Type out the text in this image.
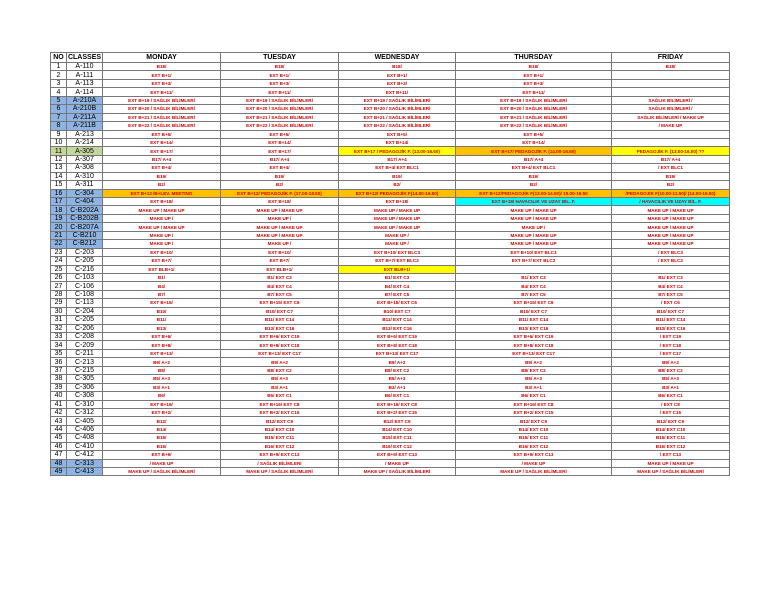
NO	CLASSES	MONDAY	TUESDAY	WEDNESDAY	THURSDAY	FRIDAY
1	A-110	B18/	B18/	B18/	B18/	B18/
2	A-111	EXT B+1/	EXT B+1/	EXT B+1/	EXT B+1/	
3	A-113	EXT B+3/	EXT B+3/	EXT B+3/	EXT B+3/	
4	A-114	EXT B+11/	EXT B+11/	EXT B+11/	EXT B+11/	
5	A-210A	EXT B+19 / SAĞLIK BİLİMLERİ	EXT B+19 / SAĞLIK BİLİMLERİ	EXT B+19 / SAĞLIK BİLİMLERİ	EXT B+19 / SAĞLIK BİLİMLERİ	SAĞLIK BİLİMLERİ /
6	A-210B	EXT B+20 / SAĞLIK BİLİMLERİ	EXT B+20 / SAĞLIK BİLİMLERİ	EXT B+20 / SAĞLIK BİLİMLERİ	EXT B+20 / SAĞLIK BİLİMLERİ	SAĞLIK BİLİMLERİ /
7	A-211A	EXT B+21 / SAĞLIK BİLİMLERİ	EXT B+21 / SAĞLIK BİLİMLERİ	EXT B+21 / SAĞLIK BİLİMLERİ	EXT B+21 / SAĞLIK BİLİMLERİ	SAĞLIK BİLİMLERİ / MAKE UP
8	A-211B	EXT B+22 / SAĞLIK BİLİMLERİ	EXT B+22 / SAĞLIK BİLİMLERİ	EXT B+22 / SAĞLIK BİLİMLERİ	EXT B+22 / SAĞLIK BİLİMLERİ	/ MAKE UP
9	A-213	EXT B+5/	EXT B+5/	EXT B+5/	EXT B+5/	
10	A-214	EXT B+14/	EXT B+14/	EXT B+14/	EXT B+14/	
11	A-305	EXT B+17/	EXT B+17/	EXT B+17 / PEDAGOJİK F. (13.00-16.50)	EXT B+17/ PEDAGOJİK F. (14.00-16.50)	PEDAGOJİK F. (13.00-16.00) ??
12	A-307	B17/ A+4	B17/ A+4	B17/ A+4	B17/ A+4	B17/ A+4
13	A-308	EXT B+4/	EXT B+4/	EXT B+4/ EXT BLC1	EXT B+4/ EXT BLC1	/ EXT BLC1
14	A-310	B19/	B19/	B19/	B19/	B19/
15	A-311	B2/	B2/	B2/	B2/	B2/
16	C-304	EXT B+12 /B+LEV. MEETING	EXT B+12/ PEDAGOJİK F. (17.00-18.50)	EXT B+12/ PEDAGOJİK F(14.00-16.50)	EXT B+12/PEDAGOJİK F(13.00-14.50)/ 15.00-16.50	/PEDAGOJİK F(10.00-11.50)/ (14.00-16.50)
17	C-404	EXT B+18/	EXT B+18/	EXT B+18/	EXT B+18/ HAVACILIK VE UZAY BİL. F.	/ HAVACILIK VE UZAY BİL. F.
18	C-B202A	MAKE UP / MAKE UP	MAKE UP / MAKE UP	MAKE UP / MAKE UP	MAKE UP / MAKE UP	MAKE UP / MAKE UP
19	C-B202B	MAKE UP /	MAKE UP /	MAKE UP / MAKE UP	MAKE UP / MAKE UP	MAKE UP / MAKE UP
20	C-B207A	MAKE UP / MAKE UP	MAKE UP / MAKE UP	MAKE UP / MAKE UP	MAKE UP /	MAKE UP / MAKE UP
21	C-B210	MAKE UP /	MAKE UP / MAKE UP	MAKE UP /	MAKE UP / MAKE UP	MAKE UP / MAKE UP
22	C-B212	MAKE UP /	MAKE UP /	MAKE UP /	MAKE UP / MAKE UP	MAKE UP / MAKE UP
23	C-203	EXT B+10/	EXT B+10/	EXT B+10/ EXT BLC3	EXT B+10/ EXT BLC3	/ EXT BLC3
24	C-205	EXT B+7/	EXT B+7/	EXT B+7/ EXT BLC2	EXT B+7/ EXT BLC2	/ EXT BLC2
25	C-216	EXT BLB+1/	EXT BLB+1/	EXT BLB+1/		
26	C-103	B1/	B1/ EXT C3	B1/ EXT C3	B1/ EXT C3	B1/ EXT C3
27	C-106	B4/	B4/ EXT C4	B4/ EXT C4	B4/ EXT C4	B4/ EXT C4
28	C-108	B7/	B7/ EXT C5	B7/ EXT C5	B7/ EXT C5	B7/ EXT C5
29	C-113	EXT B+15/	EXT B+15/ EXT C6	EXT B+15/ EXT C6	EXT B+15/ EXT C6	/ EXT C6
30	C-204	B10/	B10/ EXT C7	B10/ EXT C7	B10/ EXT C7	B10/ EXT C7
31	C-205	B11/	B11/ EXT C14	B11/ EXT C14	B11/ EXT C14	B11/ EXT C14
32	C-206	B13/	B13/ EXT C16	B13/ EXT C16	B13/ EXT C16	B13/ EXT C16
33	C-208	EXT B+6/	EXT B+6/ EXT C19	EXT B+6/ EXT C19	EXT B+6/ EXT C19	/ EXT C19
34	C-209	EXT B+8/	EXT B+8/ EXT C18	EXT B+8/ EXT C18	EXT B+8/ EXT C18	/ EXT C18
35	C-211	EXT B+13/	EXT B+13/ EXT C17	EXT B+13/ EXT C17	EXT B+13/ EXT C17	/ EXT C17
36	C-213	B9/ A+2	B9/ A+2	B9/ A+2	B9/ A+2	B9/ A+2
37	C-215	B8/	B8/ EXT C2	B8/ EXT C2	B8/ EXT C2	B8/ EXT C2
38	C-305	B5/ A+3	B5/ A+3	B5/ A+3	B5/ A+3	B5/ A+3
39	C-306	B3/ A+1	B3/ A+1	B3/ A+1	B3/ A+1	B3/ A+1
40	C-308	B6/	B6/ EXT C1	B6/ EXT C1	B6/ EXT C1	B6/ EXT C1
41	C-310	EXT B+16/	EXT B+16/ EXT C8	EXT B+16/ EXT C8	EXT B+16/ EXT C8	/ EXT C8
42	C-312	EXT B+2/	EXT B+2/ EXT C15	EXT B+2/ EXT C15	EXT B+2/ EXT C15	/ EXT C15
43	C-405	B12/	B12/ EXT C9	B12/ EXT C9	B12/ EXT C9	B12/ EXT C9
44	C-406	B14/	B14/ EXT C10	B14/ EXT C10	B14/ EXT C10	B14/ EXT C10
45	C-408	B15/	B15/ EXT C11	B15/ EXT C11	B15/ EXT C11	B15/ EXT C11
46	C-410	B16/	B16/ EXT C12	B16/ EXT C12	B16/ EXT C12	B16/ EXT C12
47	C-412	EXT B+9/	EXT B+9/ EXT C13	EXT B+9/ EXT C13	EXT B+9/ EXT C13	/ EXT C13
48	C-313	/ MAKE UP	/ SAĞLIK BİLİMLERİ	/ MAKE UP	/ MAKE UP	MAKE UP / MAKE UP
49	C-413	MAKE UP / SAĞLIK BİLİMLERİ	MAKE UP / SAĞLIK BİLİMLERİ	MAKE UP / SAĞLIK BİLİMLERİ	MAKE UP / SAĞLIK BİLİMLERİ	MAKE UP / SAĞLIK BİLİMLERİ
